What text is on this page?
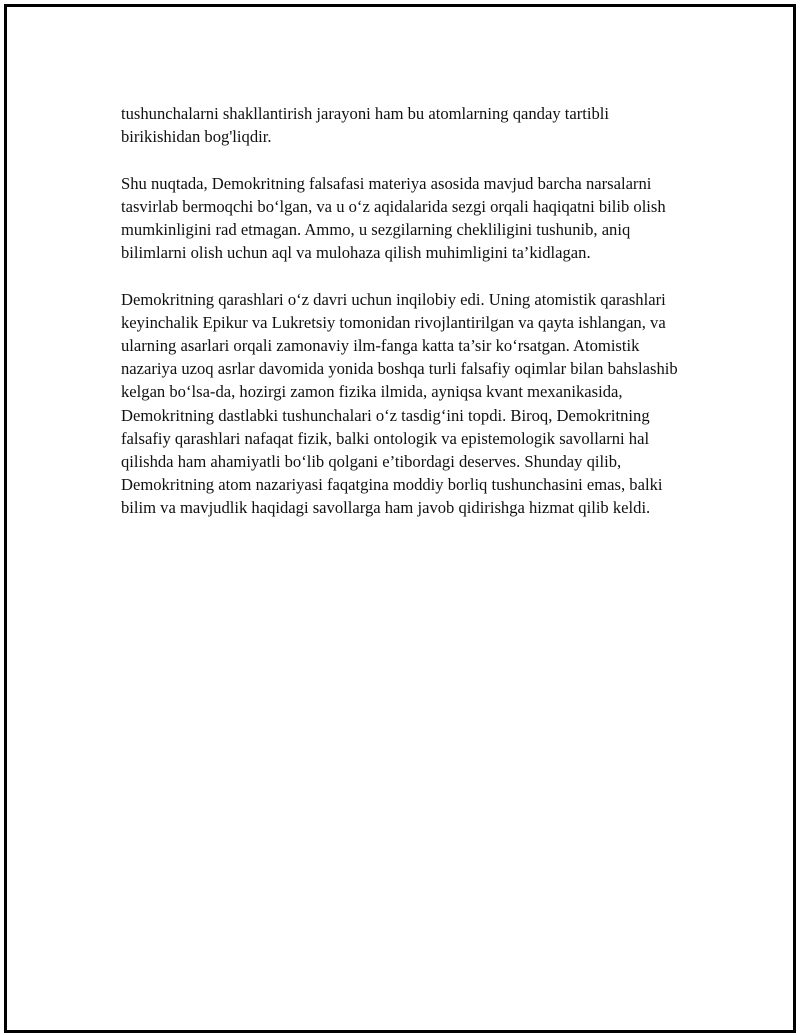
tushunchalarni shakllantirish jarayoni ham bu atomlarning qanday tartibli birikishidan bog'liqdir.

Shu nuqtada, Demokritning falsafasi materiya asosida mavjud barcha narsalarni tasvirlab bermoqchi bo‘lgan, va u o‘z aqidalarida sezgi orqali haqiqatni bilib olish mumkinligini rad etmagan. Ammo, u sezgilarning chekliligini tushunib, aniq bilimlarni olish uchun aql va mulohaza qilish muhimligini ta’kidlagan.

Demokritning qarashlari o‘z davri uchun inqilobiy edi. Uning atomistik qarashlari keyinchalik Epikur va Lukretsiy tomonidan rivojlantirilgan va qayta ishlangan, va ularning asarlari orqali zamonaviy ilm-fanga katta ta’sir ko‘rsatgan. Atomistik nazariya uzoq asrlar davomida yonida boshqa turli falsafiy oqimlar bilan bahslashib kelgan bo‘lsa-da, hozirgi zamon fizika ilmida, ayniqsa kvant mexanikasida, Demokritning dastlabki tushunchalari o‘z tasdig‘ini topdi. Biroq, Demokritning falsafiy qarashlari nafaqat fizik, balki ontologik va epistemologik savollarni hal qilishda ham ahamiyatli bo‘lib qolgani e’tibordagi deserves. Shunday qilib, Demokritning atom nazariyasi faqatgina moddiy borliq tushunchasini emas, balki bilim va mavjudlik haqidagi savollarga ham javob qidirishga hizmat qilib keldi.
